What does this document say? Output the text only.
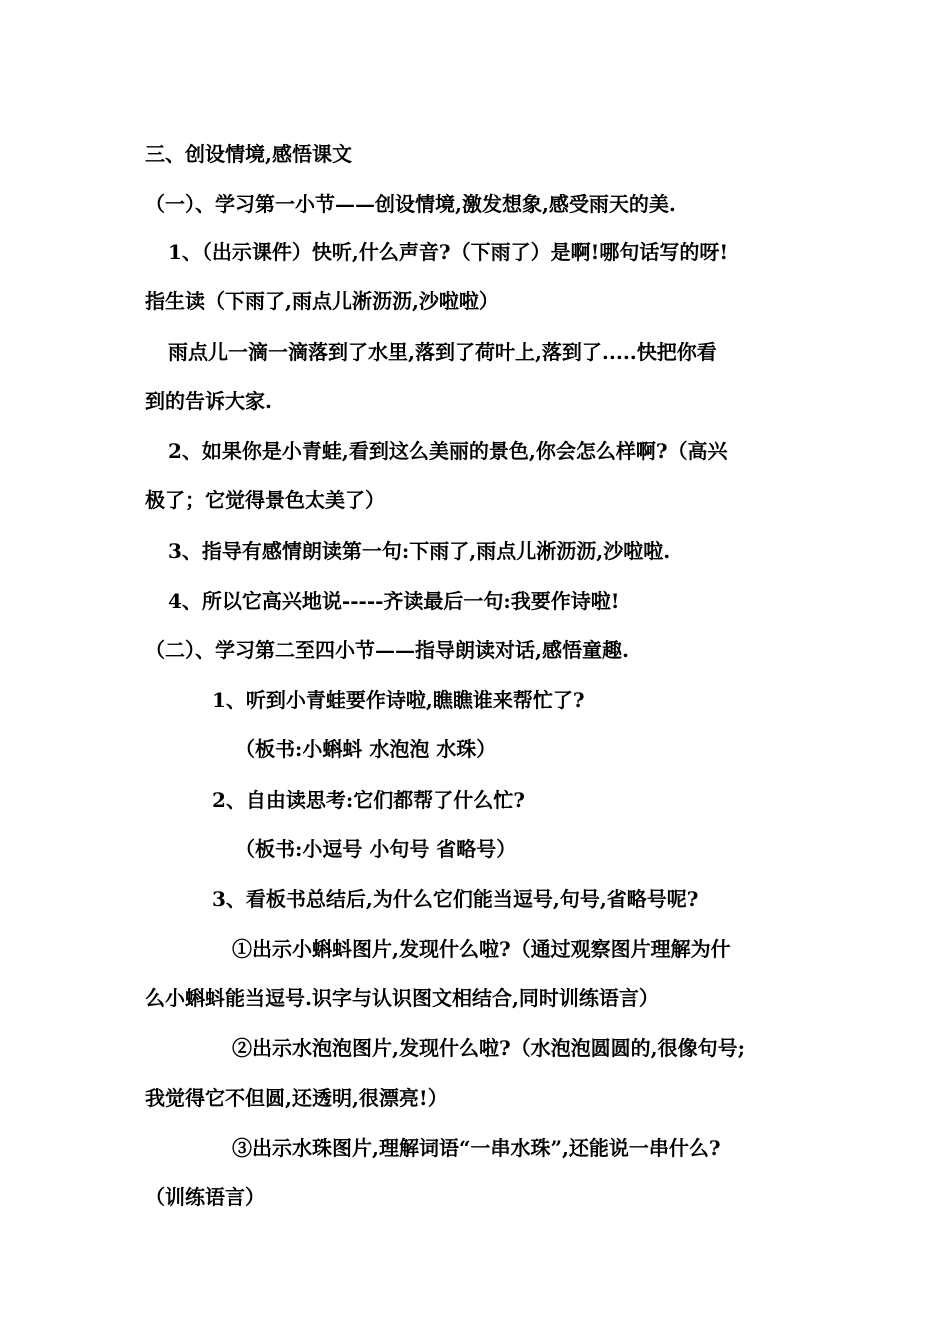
三、创设情境,感悟课文
（一）、学习第一小节——创设情境,激发想象,感受雨天的美.
1、（出示课件）快听,什么声音?（下雨了）是啊!哪句话写的呀!
指生读（下雨了,雨点儿淅沥沥,沙啦啦）
雨点儿一滴一滴落到了水里,落到了荷叶上,落到了.....快把你看
到的告诉大家.
2、如果你是小青蛙,看到这么美丽的景色,你会怎么样啊?（高兴
极了；它觉得景色太美了）
3、指导有感情朗读第一句:下雨了,雨点儿淅沥沥,沙啦啦.
4、所以它高兴地说-----齐读最后一句:我要作诗啦!
（二）、学习第二至四小节——指导朗读对话,感悟童趣.
1、听到小青蛙要作诗啦,瞧瞧谁来帮忙了?
（板书:小蝌蚪 水泡泡 水珠）
2、自由读思考:它们都帮了什么忙?
（板书:小逗号 小句号 省略号）
3、看板书总结后,为什么它们能当逗号,句号,省略号呢?
①出示小蝌蚪图片,发现什么啦?（通过观察图片理解为什
么小蝌蚪能当逗号.识字与认识图文相结合,同时训练语言）
②出示水泡泡图片,发现什么啦?（水泡泡圆圆的,很像句号;
我觉得它不但圆,还透明,很漂亮!）
③出示水珠图片,理解词语“一串水珠”,还能说一串什么?
（训练语言）
